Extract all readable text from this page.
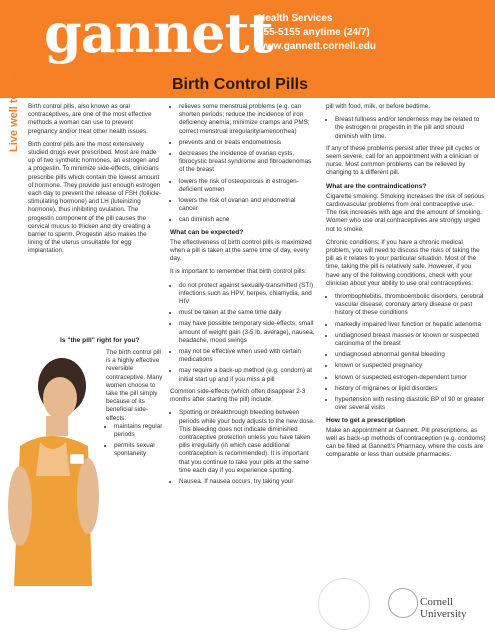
gannett
Health Services
255-5155 anytime (24/7)
www.gannett.cornell.edu
Live well to learn well	Birth Control Pills

Birth control pills, also known as oral contraceptives, are one of the most effective methods a woman can use to prevent pregnancy and/or treat other health issues.

Birth control pills are the most extensively studied drugs ever prescribed. Most are made up of two synthetic hormones, an estrogen and a progestin. To minimize side-effects, clinicians prescribe pills which contain the lowest amount of hormone. They provide just enough estrogen each day to prevent the release of FSH (follicle-stimulating hormone) and LH (luteinizing hormone), thus inhibiting ovulation. The progestin component of the pill causes the cervical mucus to thicken and dry creating a barrier to sperm. Progestin also makes the lining of the uterus unsuitable for egg implantation.

Is "the pill" right for you?
The birth control pill is a highly effective reversible contraceptive. Many women choose to take the pill simply because of its beneficial side-effects:
• maintains regular periods
• permits sexual spontaneity
• relieves some menstrual problems (e.g. can shorten periods; reduce the incidence of iron deficiency anemia; minimize cramps and PMS; correct menstrual irregularity/amenorrhea)
• prevents and or treats endometriosis
• decreases the incidence of ovarian cysts, fibrocystic breast syndrome and fibroadenomas of the breast
• lowers the risk of osteoporosis in estrogen-deficient women
• lowers the risk of ovarian and endometrial cancer
• can diminish acne
What can be expected?

The effectiveness of birth control pills is maximized when a pill is taken at the same time of day, every day.

It is important to remember that birth control pills:

• do not protect against sexually-transmitted (STI) infections such as HPV, herpes, chlamydia, and HIV
• must be taken at the same time daily
• may have possible temporary side-effects; small amount of weight gain (3-5 lb. average), nausea, headache, mood swings
• may not be effective when used with certain medications
• may require a back-up method (e.g. condom) at initial start up and if you miss a pill

Common side-effects (which often disappear 2-3 months after starting the pill) include:

• Spotting or breakthrough bleeding between periods while your body adjusts to the new dose. This bleeding does not indicate diminished contraceptive protection unless you have taken pills irregularly (in which case additional contraception is recommended). It is important that you continue to take your pills at the same time each day if you experience spotting.
• Nausea. If nausea occurs, try taking your

pill with food, milk, or before bedtime.

• Breast fullness and/or tenderness may be related to the estrogen or progestin in the pill and should diminish with time.

If any of these problems persist after three pill cycles or seem severe, call for an appointment with a clinician or nurse. Most common problems can be relieved by changing to a different pill.

What are the contraindications?

Cigarette smoking: Smoking increases the risk of serious cardiovascular problems from oral contraceptive use. The risk increases with age and the amount of smoking. Women who use oral contraceptives are strongly urged not to smoke.

Chronic conditions: If you have a chronic medical problem, you will need to discuss the risks of taking the pill as it relates to your particular situation. Most of the time, taking the pill is relatively safe. However, if you have any of the following conditions, check with your clinician about your ability to use oral contraceptives:

• thrombophlebitis, thromboembolic disorders, cerebral vascular disease, coronary artery disease or past history of these conditions
• markedly impaired liver function or hepatic adenoma
• undiagnosed breast masses or known or suspected carcinoma of the breast
• undiagnosed abnormal genital bleeding
• known or suspected pregnancy
• known or suspected estrogen-dependent tumor
• history of migraines or lipid disorders
• hypertension with resting diastolic BP of 90 or greater over several visits
How to get a prescription

Make an appointment at Gannett. Pill prescriptions, as well as back-up methods of contraception (e.g. condoms) can be filled at Gannett's Pharmacy, where the costs are comparable or less than outside pharmacies.

Cornell University
